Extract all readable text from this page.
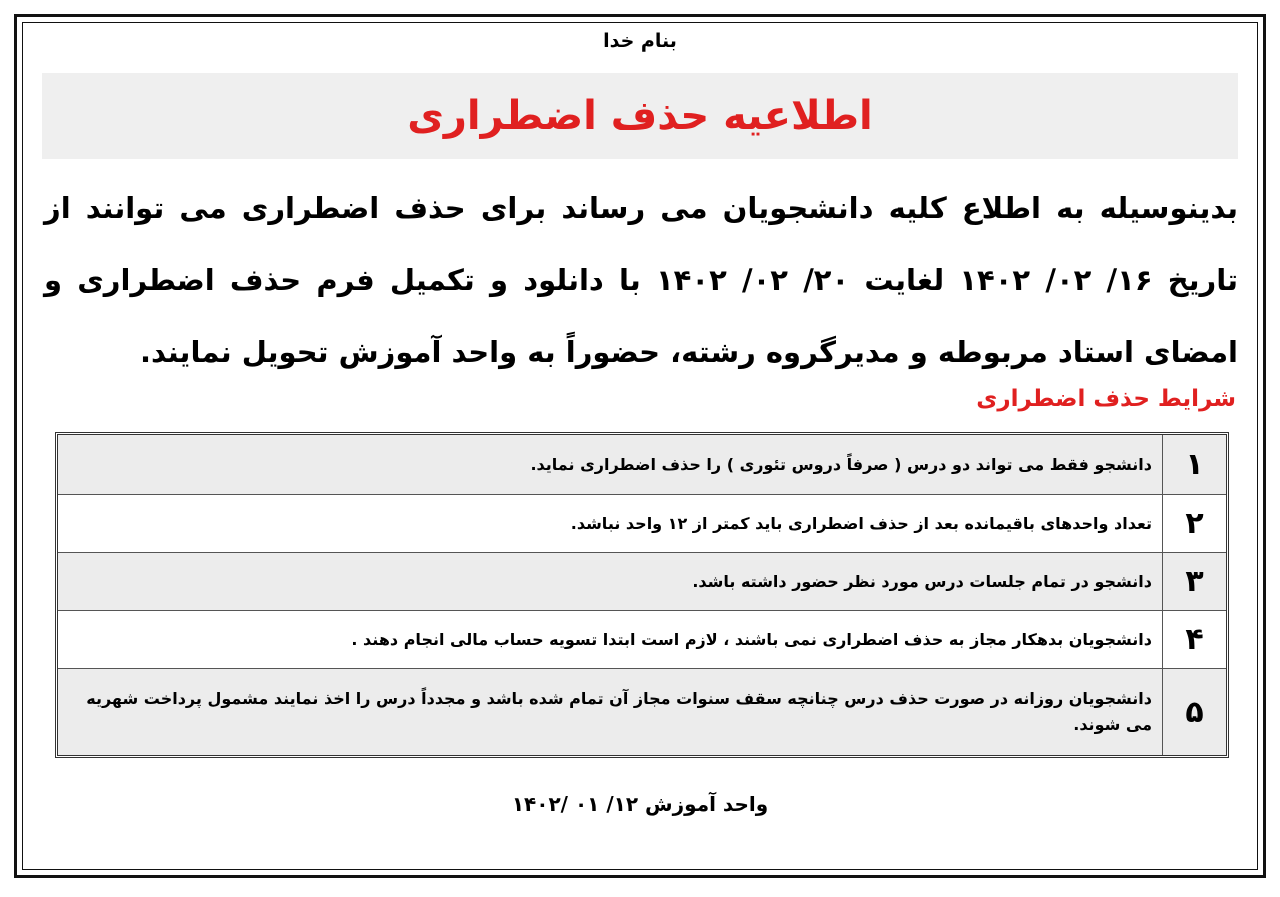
بنام خدا
اطلاعیه حذف اضطراری

بدینوسیله به اطلاع کلیه دانشجویان می رساند برای حذف اضطراری می توانند از تاریخ ۱۶/ ۰۲/ ۱۴۰۲ لغایت ۲۰/ ۰۲/ ۱۴۰۲ با دانلود و تکمیل فرم حذف اضطراری و امضای استاد مربوطه و مدیرگروه رشته، حضوراً به واحد آموزش تحویل نمایند.

شرایط حذف اضطراری
۱
دانشجو فقط می تواند دو درس ( صرفاً دروس تئوری ) را حذف اضطراری نماید.
۲
تعداد واحدهای باقیمانده بعد از حذف اضطراری باید کمتر از ۱۲ واحد نباشد.
۳
دانشجو در تمام جلسات درس مورد نظر حضور داشته باشد.
۴
دانشجویان بدهکار مجاز به حذف اضطراری نمی باشند ، لازم است ابتدا تسویه حساب مالی انجام دهند .
۵
دانشجویان روزانه در صورت حذف درس چنانچه سقف سنوات مجاز آن تمام شده باشد و مجدداً درس را اخذ نمایند مشمول پرداخت شهریه می شوند.
واحد آموزش ۱۲/ ۰۱ /۱۴۰۲
